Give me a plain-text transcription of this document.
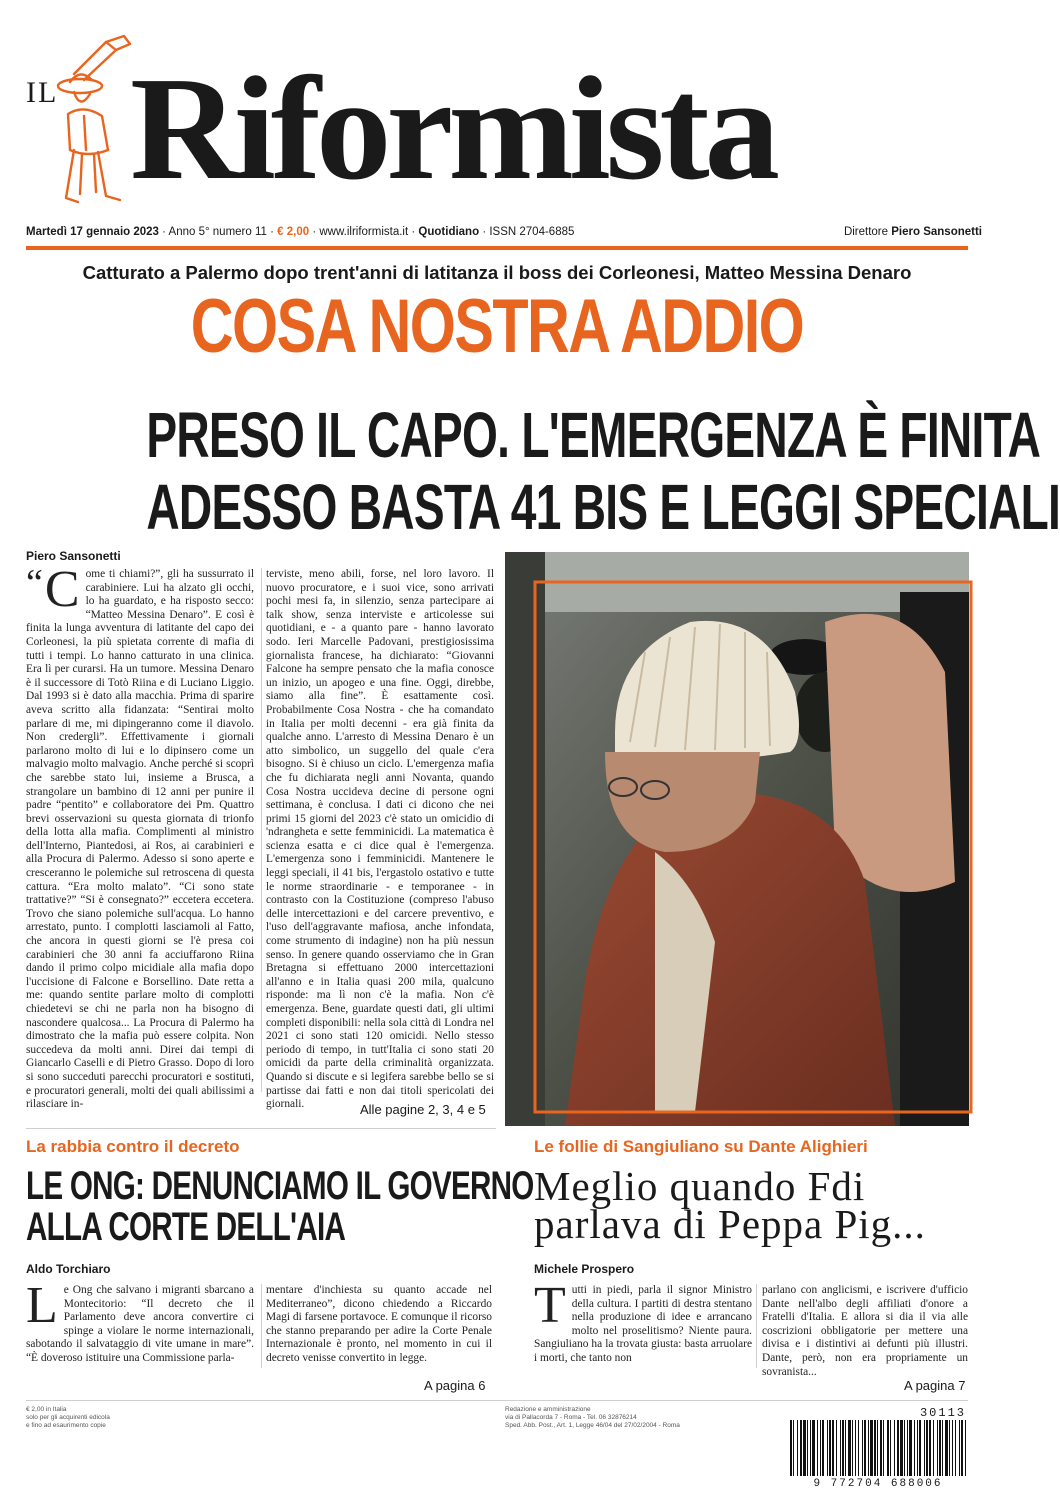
IL Riformista
Martedì 17 gennaio 2023 · Anno 5° numero 11 · € 2,00 · www.ilriformista.it · Quotidiano · ISSN 2704-6885	Direttore Piero Sansonetti
Catturato a Palermo dopo trent'anni di latitanza il boss dei Corleonesi, Matteo Messina Denaro
COSA NOSTRA ADDIO
PRESO IL CAPO. L'EMERGENZA È FINITA
ADESSO BASTA 41 BIS E LEGGI SPECIALI
Piero Sansonetti
“ C ome ti chiami?”, gli ha sussurrato il carabiniere. Lui ha alzato gli occhi, lo ha guardato, e ha risposto secco: “Matteo Messina Denaro”. E così è finita la lunga avventura di latitante del capo dei Corleonesi, la più spietata corrente di mafia di tutti i tempi. Lo hanno catturato in una clinica. Era lì per curarsi. Ha un tumore. Messina Denaro è il successore di Totò Riina e di Luciano Liggio. Dal 1993 si è dato alla macchia. Prima di sparire aveva scritto alla fidanzata: “Sentirai molto parlare di me, mi dipingeranno come il diavolo. Non credergli”. Effettivamente i giornali parlarono molto di lui e lo dipinsero come un malvagio molto malvagio. Anche perché si scoprì che sarebbe stato lui, insieme a Brusca, a strangolare un bambino di 12 anni per punire il padre “pentito” e collaboratore dei Pm. Quattro brevi osservazioni su questa giornata di trionfo della lotta alla mafia. Complimenti al ministro dell'Interno, Piantedosi, ai Ros, ai carabinieri e alla Procura di Palermo. Adesso si sono aperte e cresceranno le polemiche sul retroscena di questa cattura. “Era molto malato”. “Ci sono state trattative?” “Si è consegnato?” eccetera eccetera. Trovo che siano polemiche sull'acqua. Lo hanno arrestato, punto. I complotti lasciamoli al Fatto, che ancora in questi giorni se l'è presa coi carabinieri che 30 anni fa acciuffarono Riina dando il primo colpo micidiale alla mafia dopo l'uccisione di Falcone e Borsellino. Date retta a me: quando sentite parlare molto di complotti chiedetevi se chi ne parla non ha bisogno di nascondere qualcosa... La Procura di Palermo ha dimostrato che la mafia può essere colpita. Non succedeva da molti anni. Direi dai tempi di Giancarlo Caselli e di Pietro Grasso. Dopo di loro si sono succeduti parecchi procuratori e sostituti, e procuratori generali, molti dei quali abilissimi a rilasciare in-
terviste, meno abili, forse, nel loro lavoro. Il nuovo procuratore, e i suoi vice, sono arrivati pochi mesi fa, in silenzio, senza partecipare ai talk show, senza interviste e articolesse sui quotidiani, e - a quanto pare - hanno lavorato sodo. Ieri Marcelle Padovani, prestigiosissima giornalista francese, ha dichiarato: “Giovanni Falcone ha sempre pensato che la mafia conosce un inizio, un apogeo e una fine. Oggi, direbbe, siamo alla fine”. È esattamente così. Probabilmente Cosa Nostra - che ha comandato in Italia per molti decenni - era già finita da qualche anno. L'arresto di Messina Denaro è un atto simbolico, un suggello del quale c'era bisogno. Si è chiuso un ciclo. L'emergenza mafia che fu dichiarata negli anni Novanta, quando Cosa Nostra uccideva decine di persone ogni settimana, è conclusa. I dati ci dicono che nei primi 15 giorni del 2023 c'è stato un omicidio di 'ndrangheta e sette femminicidi. La matematica è scienza esatta e ci dice qual è l'emergenza. L'emergenza sono i femminicidi. Mantenere le leggi speciali, il 41 bis, l'ergastolo ostativo e tutte le norme straordinarie - e temporanee - in contrasto con la Costituzione (compreso l'abuso delle intercettazioni e del carcere preventivo, e l'uso dell'aggravante mafiosa, anche infondata, come strumento di indagine) non ha più nessun senso. In genere quando osserviamo che in Gran Bretagna si effettuano 2000 intercettazioni all'anno e in Italia quasi 200 mila, qualcuno risponde: ma lì non c'è la mafia. Non c'è emergenza. Bene, guardate questi dati, gli ultimi completi disponibili: nella sola città di Londra nel 2021 ci sono stati 120 omicidi. Nello stesso periodo di tempo, in tutt'Italia ci sono stati 20 omicidi da parte della criminalità organizzata. Quando si discute e si legifera sarebbe bello se si partisse dai fatti e non dai titoli spericolati dei giornali.	Alle pagine 2, 3, 4 e 5
La rabbia contro il decreto
LE ONG: DENUNCIAMO IL GOVERNO
ALLA CORTE DELL'AIA
Aldo Torchiaro
L e Ong che salvano i migranti sbarcano a Montecitorio: “Il decreto che il Parlamento deve ancora convertire ci spinge a violare le norme internazionali, sabotando il salvataggio di vite umane in mare”. “È doveroso istituire una Commissione parla-
mentare d'inchiesta su quanto accade nel Mediterraneo”, dicono chiedendo a Riccardo Magi di farsene portavoce. E comunque il ricorso che stanno preparando per adire la Corte Penale Internazionale è pronto, nel momento in cui il decreto venisse convertito in legge.
A pagina 6
Le follie di Sangiuliano su Dante Alighieri
Meglio quando Fdi
parlava di Peppa Pig...
Michele Prospero
T utti in piedi, parla il signor Ministro della cultura. I partiti di destra stentano nella produzione di idee e arrancano molto nel proselitismo? Niente paura. Sangiuliano ha la trovata giusta: basta arruolare i morti, che tanto non
parlano con anglicismi, e iscrivere d'ufficio Dante nell'albo degli affiliati d'onore a Fratelli d'Italia. E allora si dia il via alle coscrizioni obbligatorie per mettere una divisa e i distintivi ai defunti più illustri. Dante, però, non era propriamente un sovranista...
A pagina 7
€ 2,00 in Italia
solo per gli acquirenti edicola
e fino ad esaurimento copie
Redazione e amministrazione
via di Pallacorda 7 - Roma - Tel. 06 32876214
Sped. Abb. Post., Art. 1, Legge 46/04 del 27/02/2004 - Roma
30113
9 772704 688006
